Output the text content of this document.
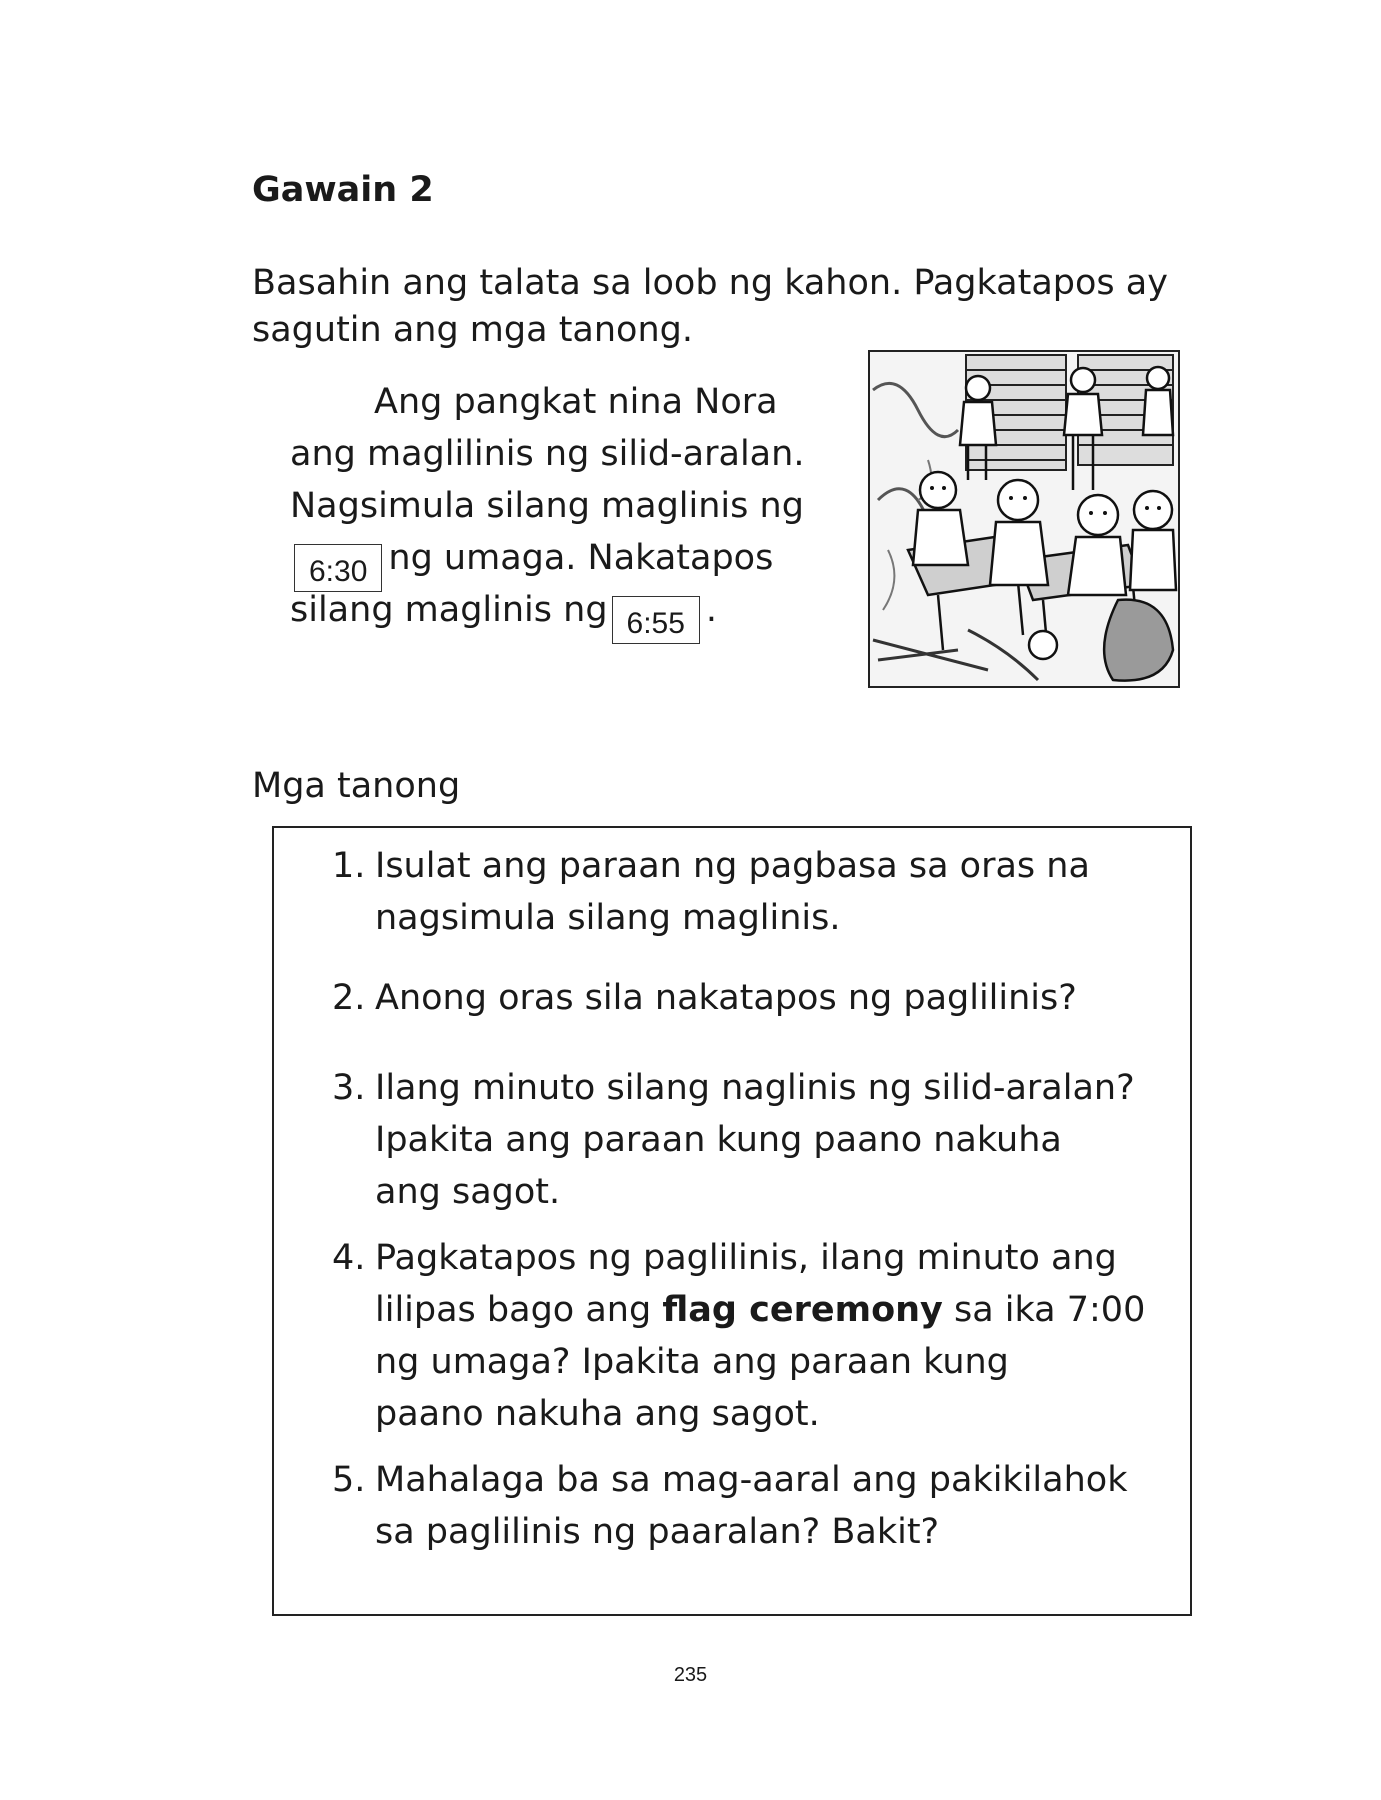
Gawain 2
Basahin ang talata sa loob ng kahon. Pagkatapos ay
sagutin ang mga tanong.
Ang pangkat nina Nora
ang maglilinis ng silid-aralan.
Nagsimula silang maglinis ng
6:30 ng umaga. Nakatapos
silang maglinis ng 6:55 .
Mga tanong
1. Isulat ang paraan ng pagbasa sa oras na
nagsimula silang maglinis.
2. Anong oras sila nakatapos ng paglilinis?
3. Ilang minuto silang naglinis ng silid-aralan?
Ipakita ang paraan kung paano nakuha
ang sagot.
4. Pagkatapos ng paglilinis, ilang minuto ang
lilipas bago ang flag ceremony sa ika 7:00
ng umaga? Ipakita ang paraan kung
paano nakuha ang sagot.
5. Mahalaga ba sa mag-aaral ang pakikilahok
sa paglilinis ng paaralan? Bakit?
235
